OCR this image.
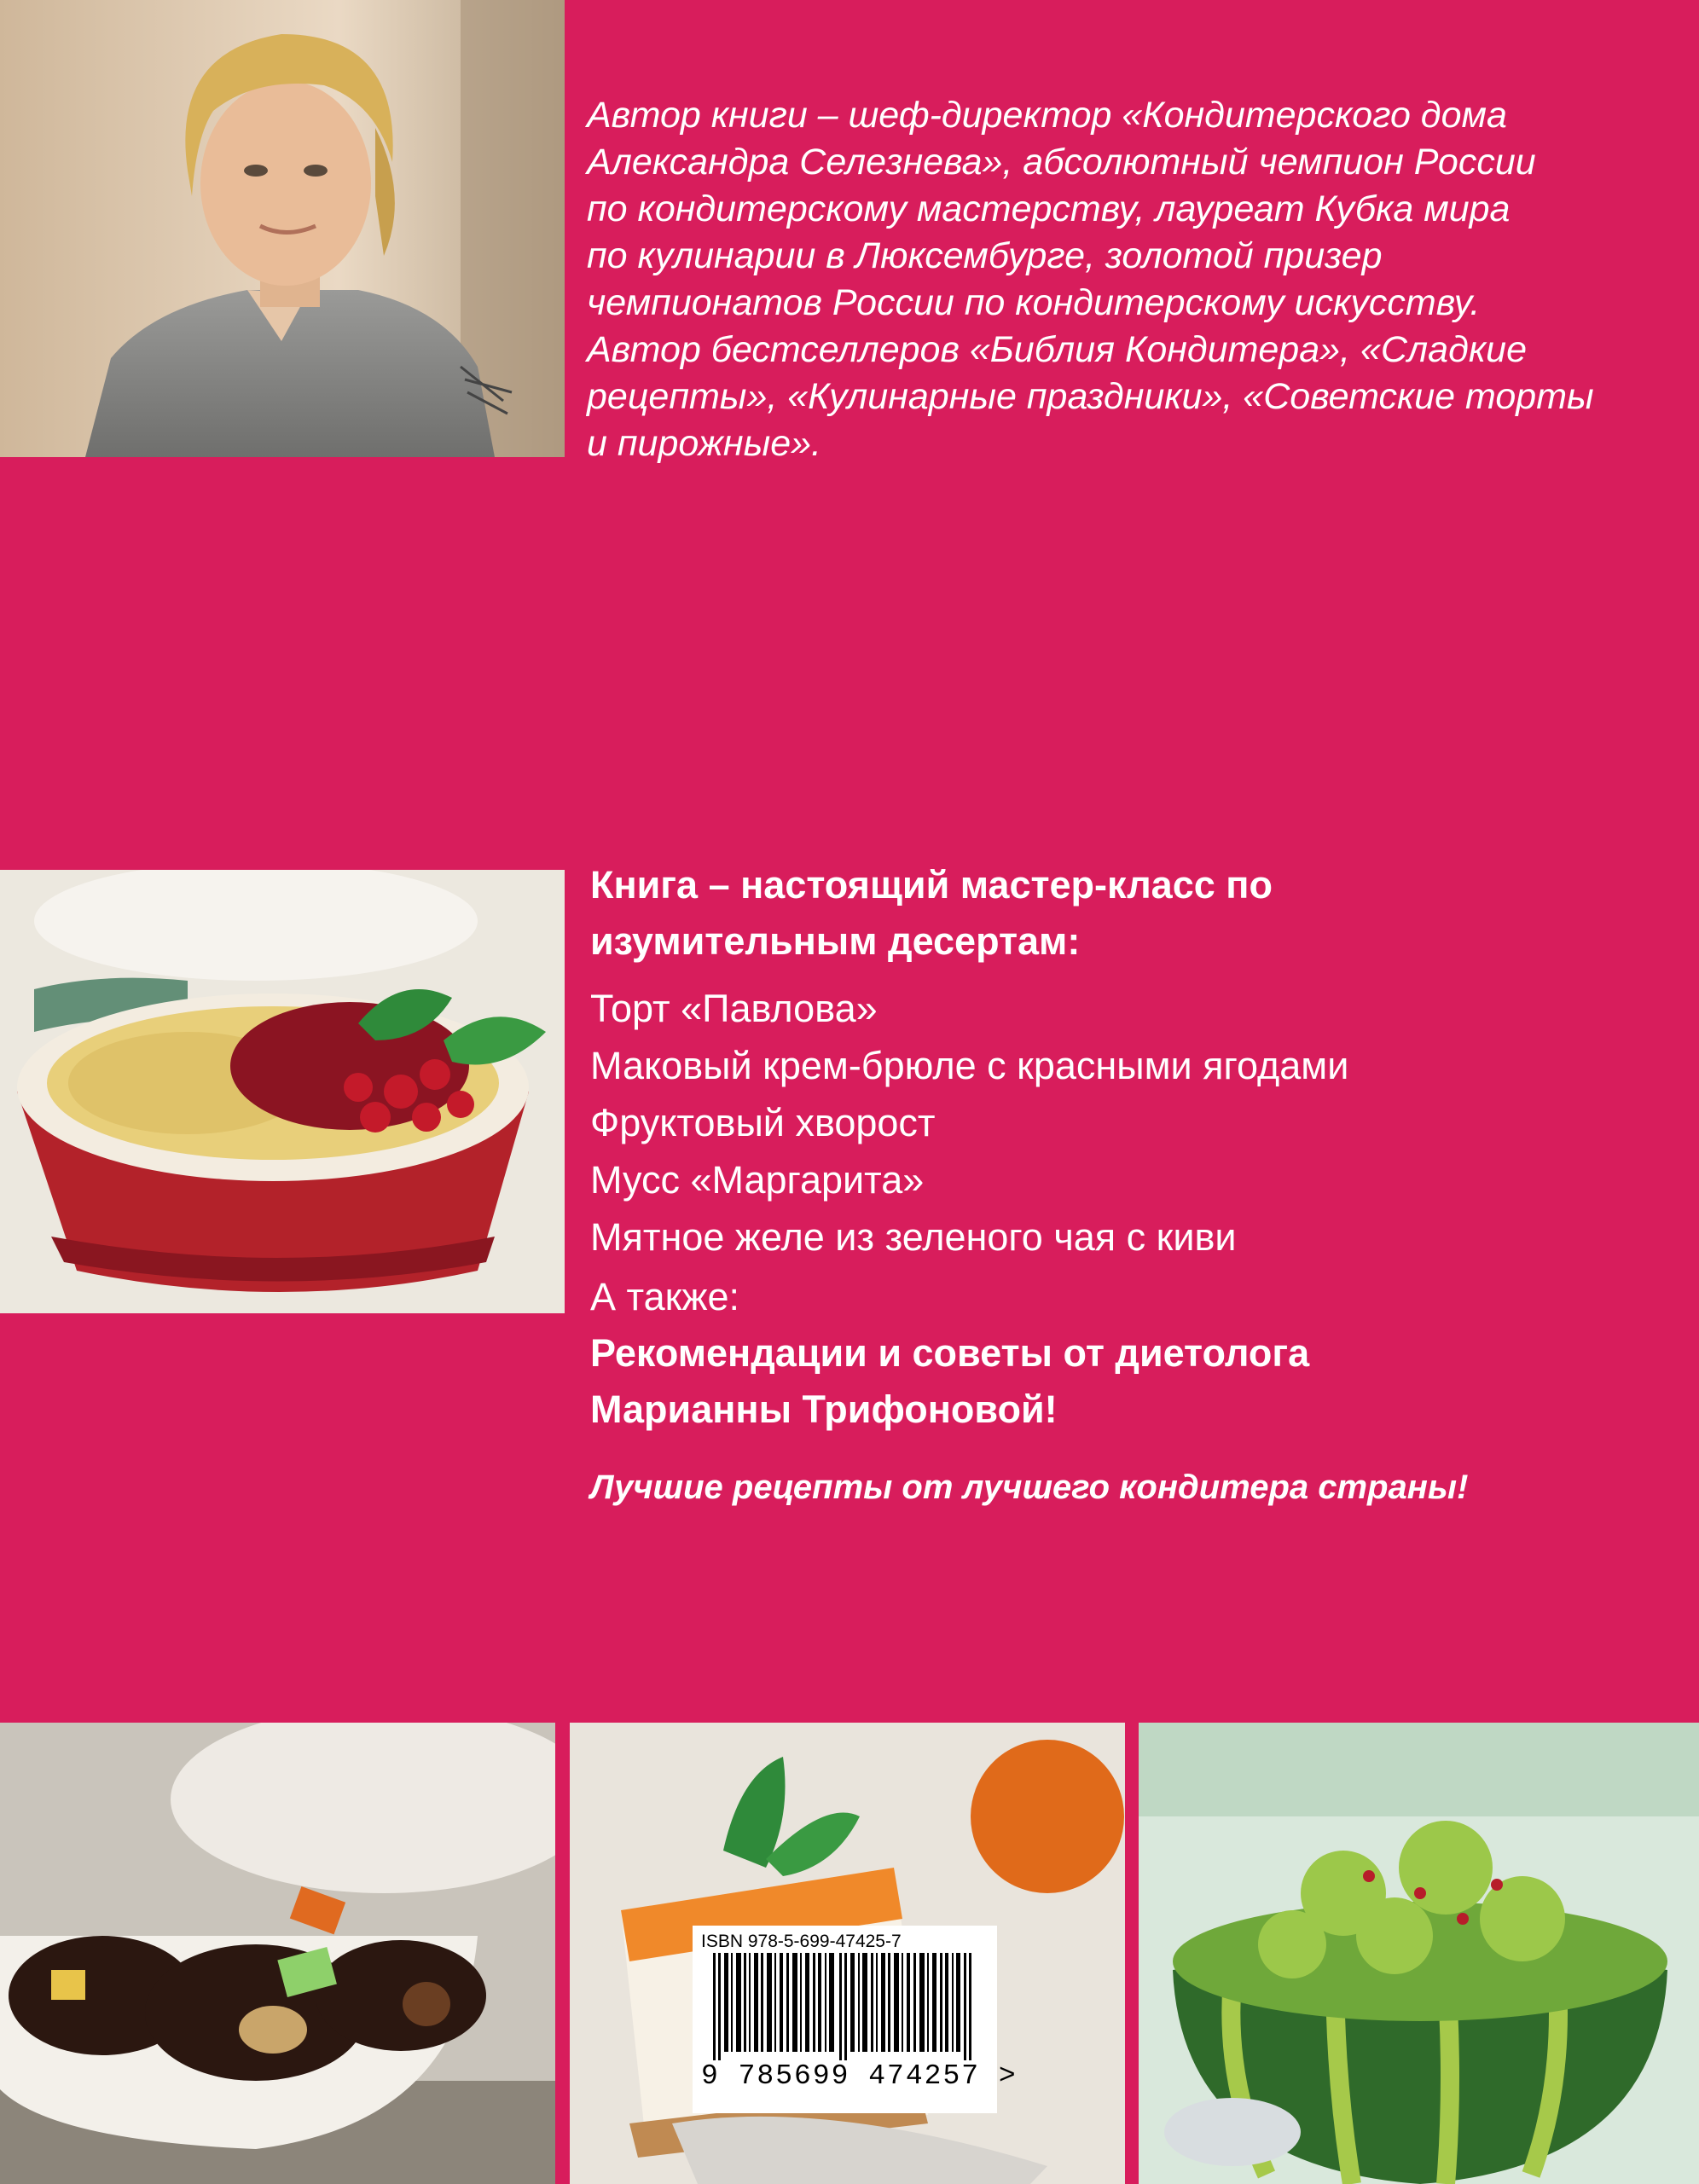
Автор книги – шеф-директор «Кондитерского дома
Александра Селезнева», абсолютный чемпион России
по кондитерскому мастерству, лауреат Кубка мира
по кулинарии в Люксембурге, золотой призер
чемпионатов России по кондитерскому искусству.
Автор бестселлеров «Библия Кондитера», «Сладкие
рецепты», «Кулинарные праздники», «Советские торты
и пирожные».
Книга – настоящий мастер-класс по
изумительным десертам:
Торт «Павлова»
Маковый крем-брюле с красными ягодами
Фруктовый хворост
Мусс «Маргарита»
Мятное желе из зеленого чая с киви
А также:
Рекомендации и советы от диетолога
Марианны Трифоновой!
Лучшие рецепты от лучшего кондитера страны!
ISBN 978-5-699-47425-7
9 785699 474257 >
